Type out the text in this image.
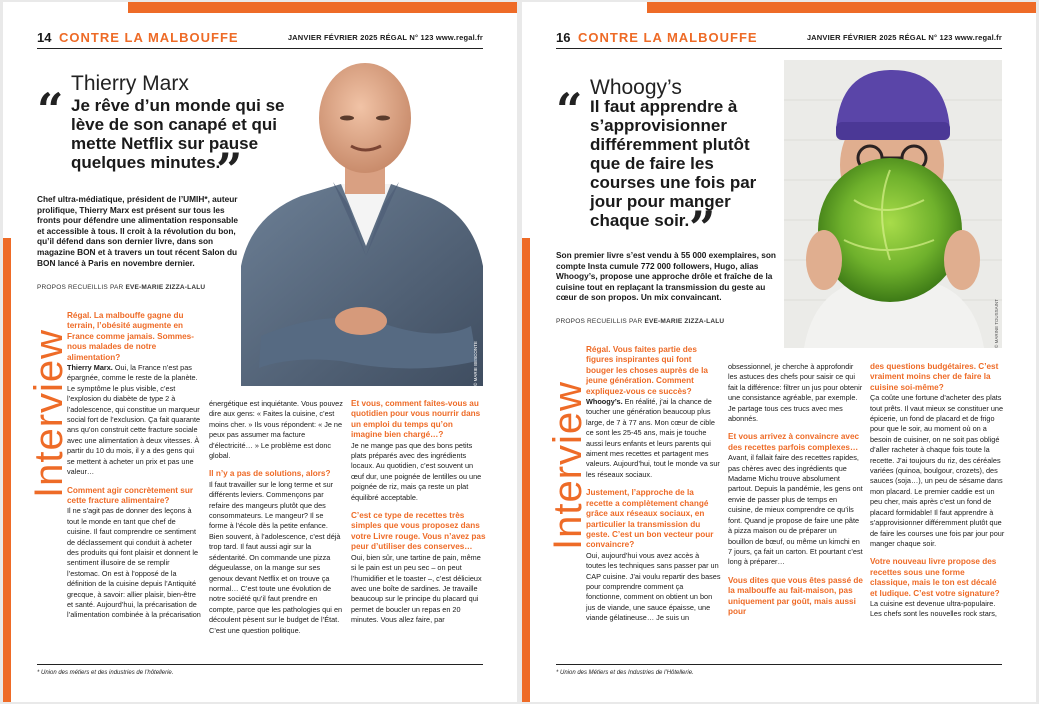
14 CONTRE LA MALBOUFFE	JANVIER FÉVRIER 2025 RÉGAL N° 123 www.regal.fr
© MARIE BESCONTE
Thierry Marx
“ Je rêve d’un monde qui se lève de son canapé et qui mette Netflix sur pause quelques minutes.
”
Chef ultra-médiatique, président de l’UMIH*, auteur prolifique, Thierry Marx est présent sur tous les fronts pour défendre une alimentation responsable et accessible à tous. Il croit à la révolution du bon, qu’il défend dans son dernier livre, dans son magazine BON et à travers un tout récent Salon du BON lancé à Paris en novembre dernier.
PROPOS RECUEILLIS PAR EVE-MARIE ZIZZA-LALU
Interview

Régal. La malbouffe gagne du terrain, l’obésité augmente en France comme jamais. Sommes-nous malades de notre alimentation?

Thierry Marx. Oui, la France n’est pas épargnée, comme le reste de la planète. Le symptôme le plus visible, c’est l’explosion du diabète de type 2 à l’adolescence, qui constitue un marqueur social fort de l’exclusion. Ça fait quarante ans qu’on construit cette fracture sociale avec une alimentation à deux vitesses. À partir du 10 du mois, il y a des gens qui se mettent à acheter un prix et pas une valeur…

Comment agir concrètement sur cette fracture alimentaire?

Il ne s’agit pas de donner des leçons à tout le monde en tant que chef de cuisine. Il faut comprendre ce sentiment de déclassement qui conduit à acheter des produits qui font plaisir et donnent le sentiment illusoire de se remplir l’estomac. On est à l’opposé de la définition de la cuisine depuis l’Antiquité grecque, à savoir: allier plaisir, bien-être et santé. Aujourd’hui, la précarisation de l’alimentation combinée à la précarisation

énergétique est inquiétante. Vous pouvez dire aux gens: « Faites la cuisine, c’est moins cher. » Ils vous répondent: « Je ne peux pas assumer ma facture d’électricité… » Le problème est donc global.

Il n’y a pas de solutions, alors?

Il faut travailler sur le long terme et sur différents leviers. Commençons par refaire des mangeurs plutôt que des consommateurs. Le mangeur? Il se forme à l’école dès la petite enfance. Bien souvent, à l’adolescence, c’est déjà trop tard. Il faut aussi agir sur la sédentarité. On commande une pizza dégueulasse, on la mange sur ses genoux devant Netflix et on trouve ça normal… C’est toute une évolution de notre société qu’il faut prendre en compte, parce que les pathologies qui en découlent pèsent sur le budget de l’État. C’est une question politique.

Et vous, comment faites-vous au quotidien pour vous nourrir dans un emploi du temps qu’on imagine bien chargé…?

Je ne mange pas que des bons petits plats préparés avec des ingrédients locaux. Au quotidien, c’est souvent un œuf dur, une poignée de lentilles ou une poignée de riz, mais ça reste un plat équilibré acceptable.

C’est ce type de recettes très simples que vous proposez dans votre Livre rouge. Vous n’avez pas peur d’utiliser des conserves…

Oui, bien sûr, une tartine de pain, même si le pain est un peu sec – on peut l’humidifier et le toaster –, c’est délicieux avec une boîte de sardines. Je travaille beaucoup sur le principe du placard qui permet de boucler un repas en 20 minutes. Vous allez faire, par

* Union des métiers et des industries de l’hôtellerie.
16 CONTRE LA MALBOUFFE	JANVIER FÉVRIER 2025 RÉGAL N° 123 www.regal.fr
© MARINE TOUSSAINT
Whoogy’s
“ Il faut apprendre à s’approvisionner différemment plutôt que de faire les courses une fois par jour pour manger chaque soir. ”
Son premier livre s’est vendu à 55 000 exemplaires, son compte Insta cumule 772 000 followers, Hugo, alias Whoogy’s, propose une approche drôle et fraîche de la cuisine tout en replaçant la transmission du geste au cœur de son propos. Un mix convaincant.
PROPOS RECUEILLIS PAR EVE-MARIE ZIZZA-LALU
Interview

Régal. Vous faites partie des figures inspirantes qui font bouger les choses auprès de la jeune génération. Comment expliquez-vous ce succès?

Whoogy’s. En réalité, j’ai la chance de toucher une génération beaucoup plus large, de 7 à 77 ans. Mon cœur de cible ce sont les 25-45 ans, mais je touche aussi leurs enfants et leurs parents qui aiment mes recettes et partagent mes valeurs. Aujourd’hui, tout le monde va sur les réseaux sociaux.

Justement, l’approche de la recette a complètement changé grâce aux réseaux sociaux, en particulier la transmission du geste. C’est un bon vecteur pour convaincre?

Oui, aujourd’hui vous avez accès à toutes les techniques sans passer par un CAP cuisine. J’ai voulu repartir des bases pour comprendre comment ça fonctionne, comment on obtient un bon jus de viande, une sauce épaisse, une viande gélatineuse… Je suis un

obsessionnel, je cherche à approfondir les astuces des chefs pour saisir ce qui fait la différence: filtrer un jus pour obtenir une consistance agréable, par exemple. Je partage tous ces trucs avec mes abonnés.

Et vous arrivez à convaincre avec des recettes parfois complexes…

Avant, il fallait faire des recettes rapides, pas chères avec des ingrédients que Madame Michu trouve absolument partout. Depuis la pandémie, les gens ont envie de passer plus de temps en cuisine, de mieux comprendre ce qu’ils font. Quand je propose de faire une pâte à pizza maison ou de préparer un bouillon de bœuf, ou même un kimchi en 7 jours, ça fait un carton. Et pourtant c’est long à préparer…

Vous dites que vous êtes passé de la malbouffe au fait-maison, pas uniquement par goût, mais aussi pour

des questions budgétaires. C’est vraiment moins cher de faire la cuisine soi-même?

Ça coûte une fortune d’acheter des plats tout prêts. Il vaut mieux se constituer une épicerie, un fond de placard et de frigo pour que le soir, au moment où on a besoin de cuisiner, on ne soit pas obligé d’aller racheter à chaque fois toute la recette. J’ai toujours du riz, des céréales variées (quinoa, boulgour, crozets), des sauces (soja…), un peu de sésame dans mon placard. Le premier caddie est un peu cher, mais après c’est un fond de placard formidable! Il faut apprendre à s’approvisionner différemment plutôt que de faire les courses une fois par jour pour manger chaque soir.

Votre nouveau livre propose des recettes sous une forme classique, mais le ton est décalé et ludique. C’est votre signature?

La cuisine est devenue ultra-populaire. Les chefs sont les nouvelles rock stars,

* Union des Métiers et des Industries de l’Hôtellerie.
